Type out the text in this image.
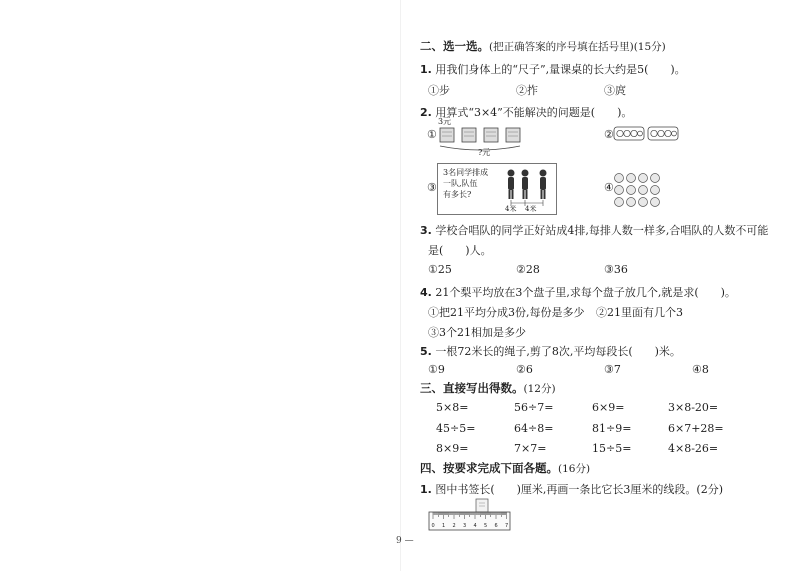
二、选一选。(把正确答案的序号填在括号里)(15分)
1. 用我们身体上的“尺子”,量课桌的长大约是5(　　)。
①步	②拃	③庹
2. 用算式“3×4”不能解决的问题是(　　)。
①
3元
?元
②
③
3名同学排成
一队,队伍
有多长?
4米 4米
④
3. 学校合唱队的同学正好站成4排,每排人数一样多,合唱队的人数不可能
是(　　)人。
①25	②28	③36
4. 21个梨平均放在3个盘子里,求每个盘子放几个,就是求(　　)。
①把21平均分成3份,每份是多少 ②21里面有几个3
③3个21相加是多少
5. 一根72米长的绳子,剪了8次,平均每段长(　　)米。
①9	②6	③7	④8
三、直接写出得数。(12分)
5×8=	56÷7=	6×9=	3×8-20=
45÷5=	64÷8=	81÷9=	6×7+28=
8×9=	7×7=	15÷5=	4×8-26=
四、按要求完成下面各题。(16分)
1. 图中书签长(　　)厘米,再画一条比它长3厘米的线段。(2分)
0 1 2 3 4 5 6 7
9 —
